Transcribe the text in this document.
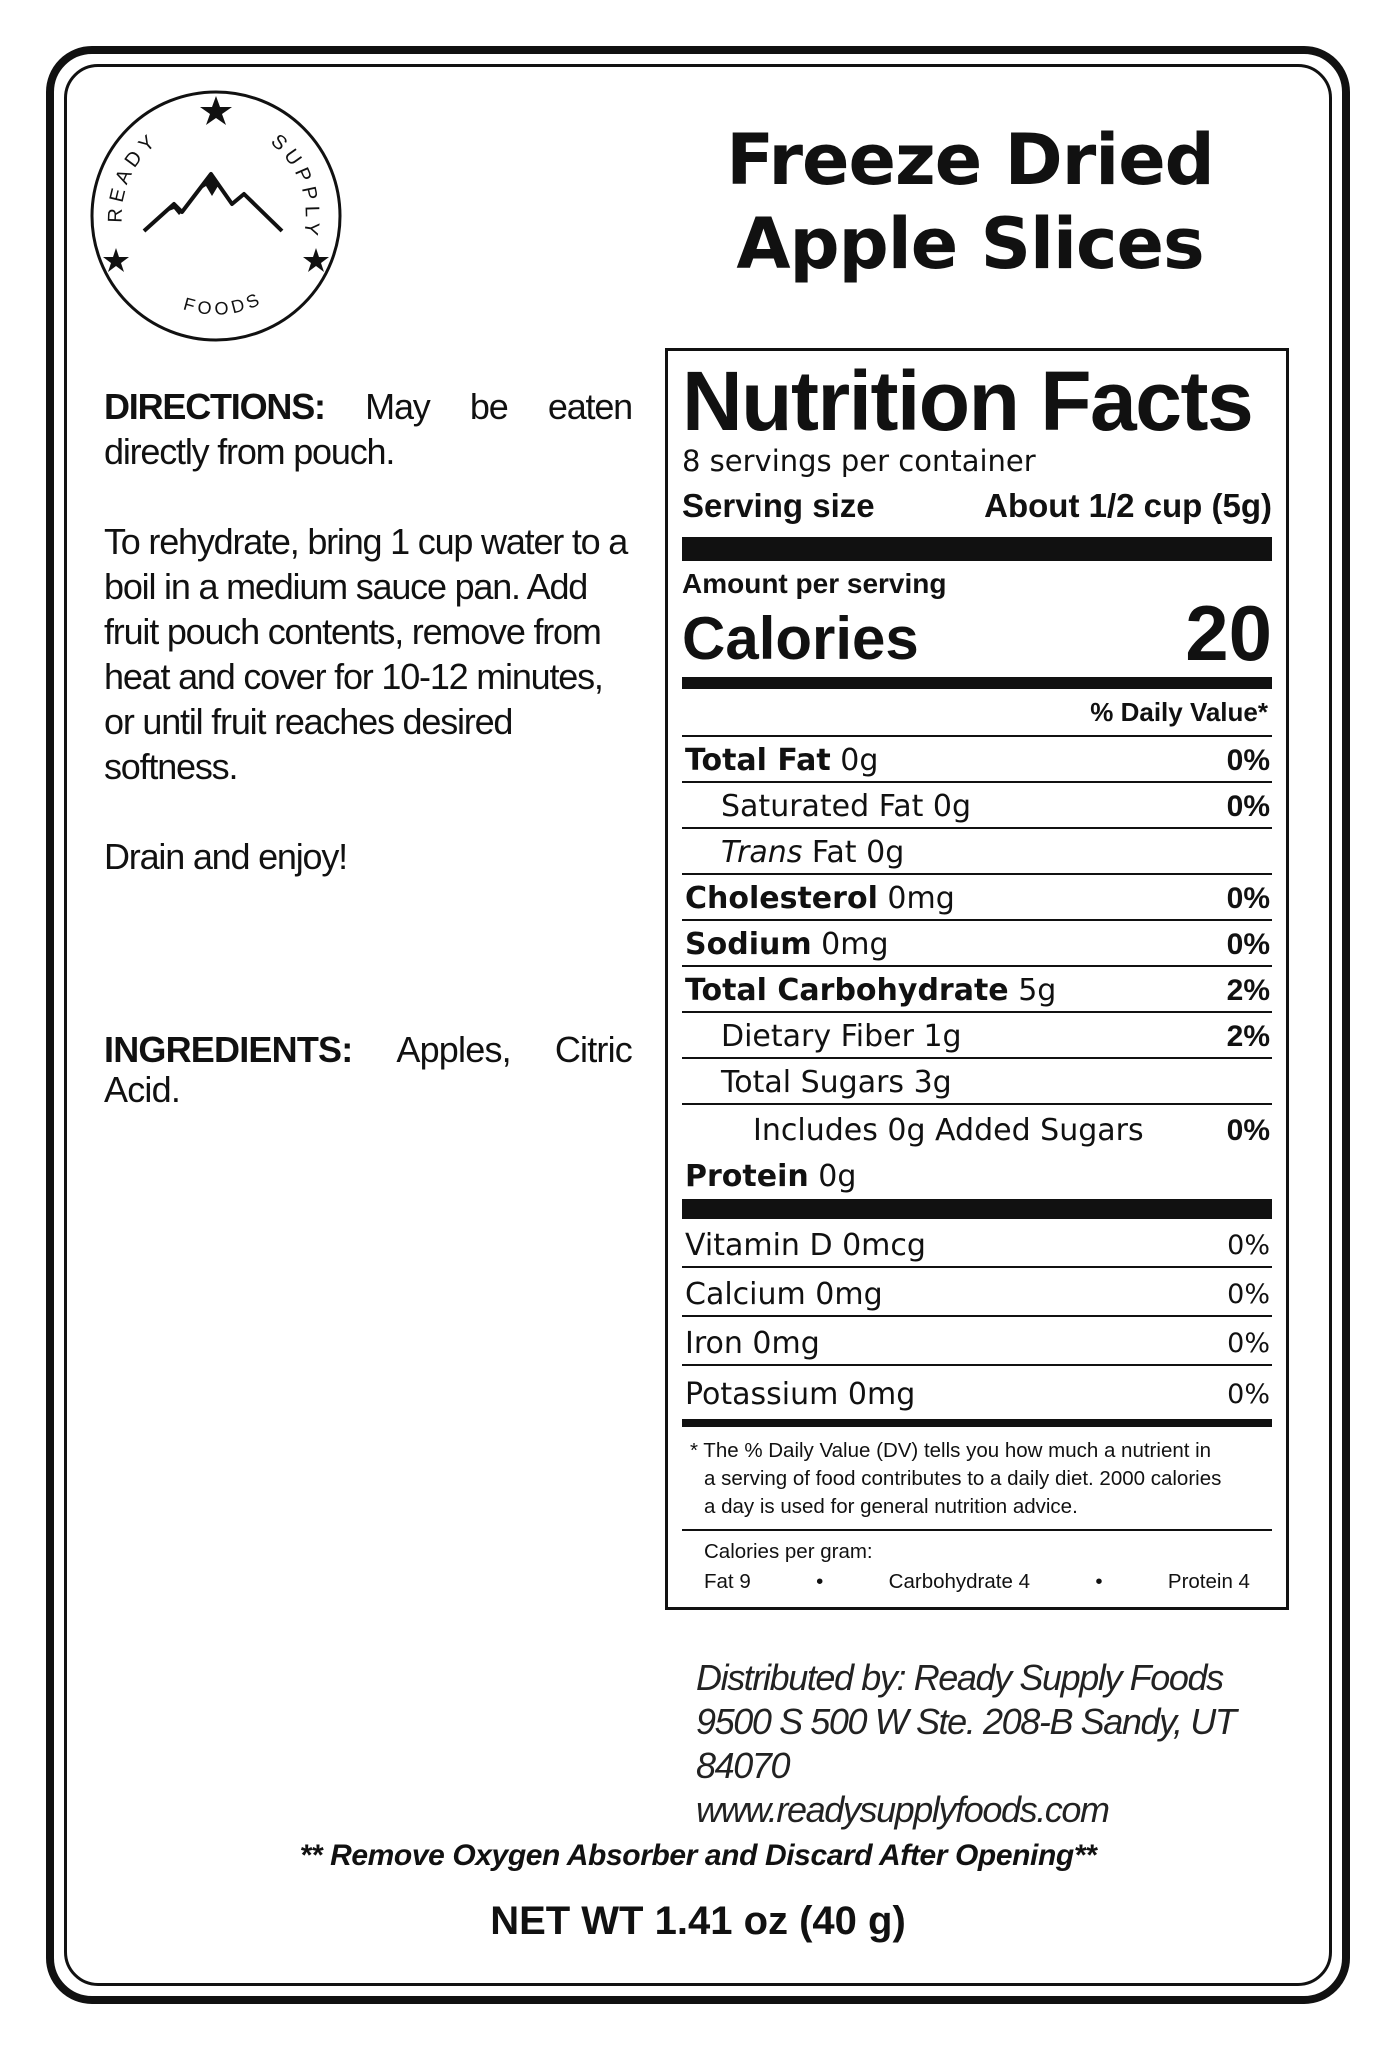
READY	SUPPLY
FOODS
Freeze Dried
Apple Slices

DIRECTIONS: May be eaten directly from pouch.

To rehydrate, bring 1 cup water to a boil in a medium sauce pan. Add fruit pouch contents, remove from heat and cover for 10-12 minutes, or until fruit reaches desired softness.

Drain and enjoy!

INGREDIENTS: Apples, Citric
Acid.
Nutrition Facts
8 servings per container
Serving size	About 1/2 cup (5g)
Amount per serving
Calories	20
% Daily Value*
Total Fat 0g	0%
Saturated Fat 0g	0%
Trans Fat 0g
Cholesterol 0mg	0%
Sodium 0mg	0%
Total Carbohydrate 5g	2%
Dietary Fiber 1g	2%
Total Sugars 3g
Includes 0g Added Sugars	0%
Protein 0g
Vitamin D 0mcg	0%
Calcium 0mg	0%
Iron 0mg	0%
Potassium 0mg	0%
* The % Daily Value (DV) tells you how much a nutrient in
a serving of food contributes to a daily diet. 2000 calories
a day is used for general nutrition advice.
Calories per gram:
Fat 9	•	Carbohydrate 4	•	Protein 4
Distributed by: Ready Supply Foods
9500 S 500 W Ste. 208-B Sandy, UT 84070
www.readysupplyfoods.com
** Remove Oxygen Absorber and Discard After Opening**
NET WT 1.41 oz (40 g)
